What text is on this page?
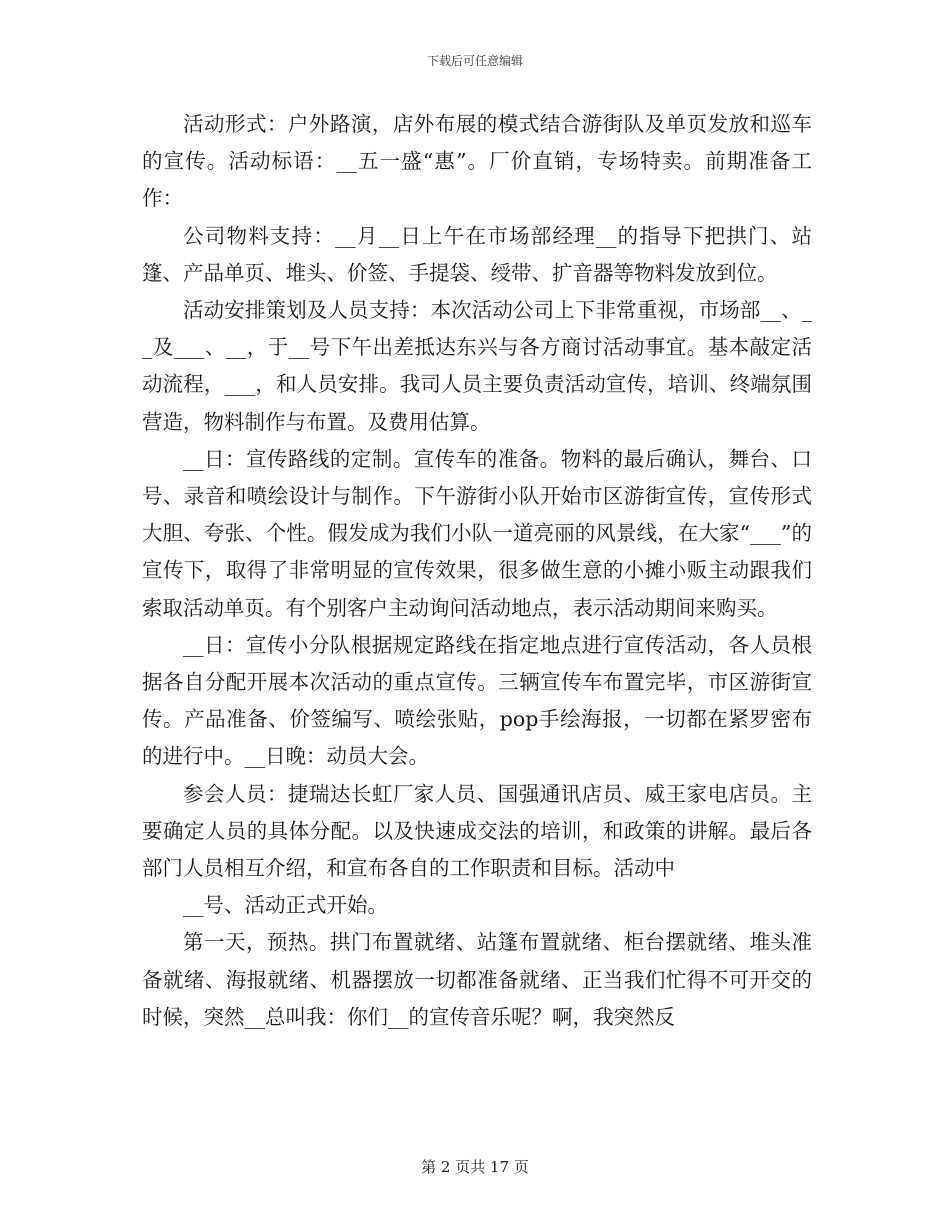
下载后可任意编辑

活动形式：户外路演，店外布展的模式结合游街队及单页发放和巡车的宣传。活动标语：__五一盛“惠”。厂价直销，专场特卖。前期准备工作：

公司物料支持：__月__日上午在市场部经理__的指导下把拱门、站篷、产品单页、堆头、价签、手提袋、绶带、扩音器等物料发放到位。

活动安排策划及人员支持：本次活动公司上下非常重视，市场部__、__及___、__，于__号下午出差抵达东兴与各方商讨活动事宜。基本敲定活动流程，___，和人员安排。我司人员主要负责活动宣传，培训、终端氛围营造，物料制作与布置。及费用估算。

__日：宣传路线的定制。宣传车的准备。物料的最后确认，舞台、口号、录音和喷绘设计与制作。下午游街小队开始市区游街宣传，宣传形式大胆、夸张、个性。假发成为我们小队一道亮丽的风景线，在大家“___”的宣传下，取得了非常明显的宣传效果，很多做生意的小摊小贩主动跟我们索取活动单页。有个别客户主动询问活动地点，表示活动期间来购买。

__日：宣传小分队根据规定路线在指定地点进行宣传活动，各人员根据各自分配开展本次活动的重点宣传。三辆宣传车布置完毕，市区游街宣传。产品准备、价签编写、喷绘张贴，pop手绘海报，一切都在紧罗密布的进行中。__日晚：动员大会。

参会人员：捷瑞达长虹厂家人员、国强通讯店员、威王家电店员。主要确定人员的具体分配。以及快速成交法的培训，和政策的讲解。最后各部门人员相互介绍，和宣布各自的工作职责和目标。活动中

__号、活动正式开始。

第一天，预热。拱门布置就绪、站篷布置就绪、柜台摆就绪、堆头准备就绪、海报就绪、机器摆放一切都准备就绪、正当我们忙得不可开交的时候，突然__总叫我：你们__的宣传音乐呢？啊，我突然反

第 2 页共 17 页
